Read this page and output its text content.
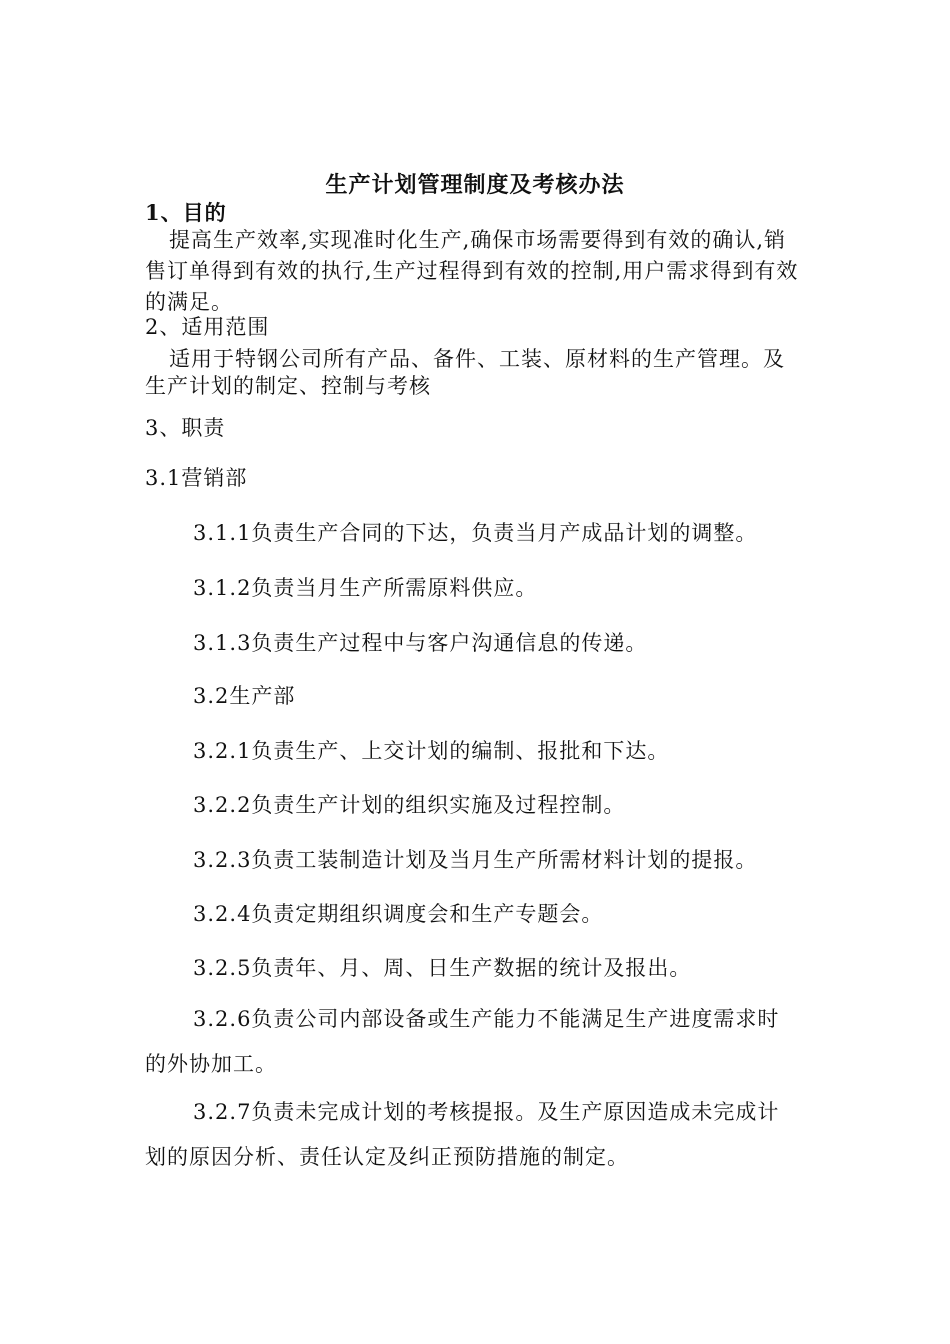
生产计划管理制度及考核办法
1、目的
提高生产效率,实现准时化生产,确保市场需要得到有效的确认,销售订单得到有效的执行,生产过程得到有效的控制,用户需求得到有效的满足。
2、适用范围
适用于特钢公司所有产品、备件、工装、原材料的生产管理。及生产计划的制定、控制与考核
3、职责
3.1营销部
3.1.1负责生产合同的下达，负责当月产成品计划的调整。
3.1.2负责当月生产所需原料供应。
3.1.3负责生产过程中与客户沟通信息的传递。
3.2生产部
3.2.1负责生产、上交计划的编制、报批和下达。
3.2.2负责生产计划的组织实施及过程控制。
3.2.3负责工装制造计划及当月生产所需材料计划的提报。
3.2.4负责定期组织调度会和生产专题会。
3.2.5负责年、月、周、日生产数据的统计及报出。
3.2.6负责公司内部设备或生产能力不能满足生产进度需求时的外协加工。
3.2.7负责未完成计划的考核提报。及生产原因造成未完成计划的原因分析、责任认定及纠正预防措施的制定。
